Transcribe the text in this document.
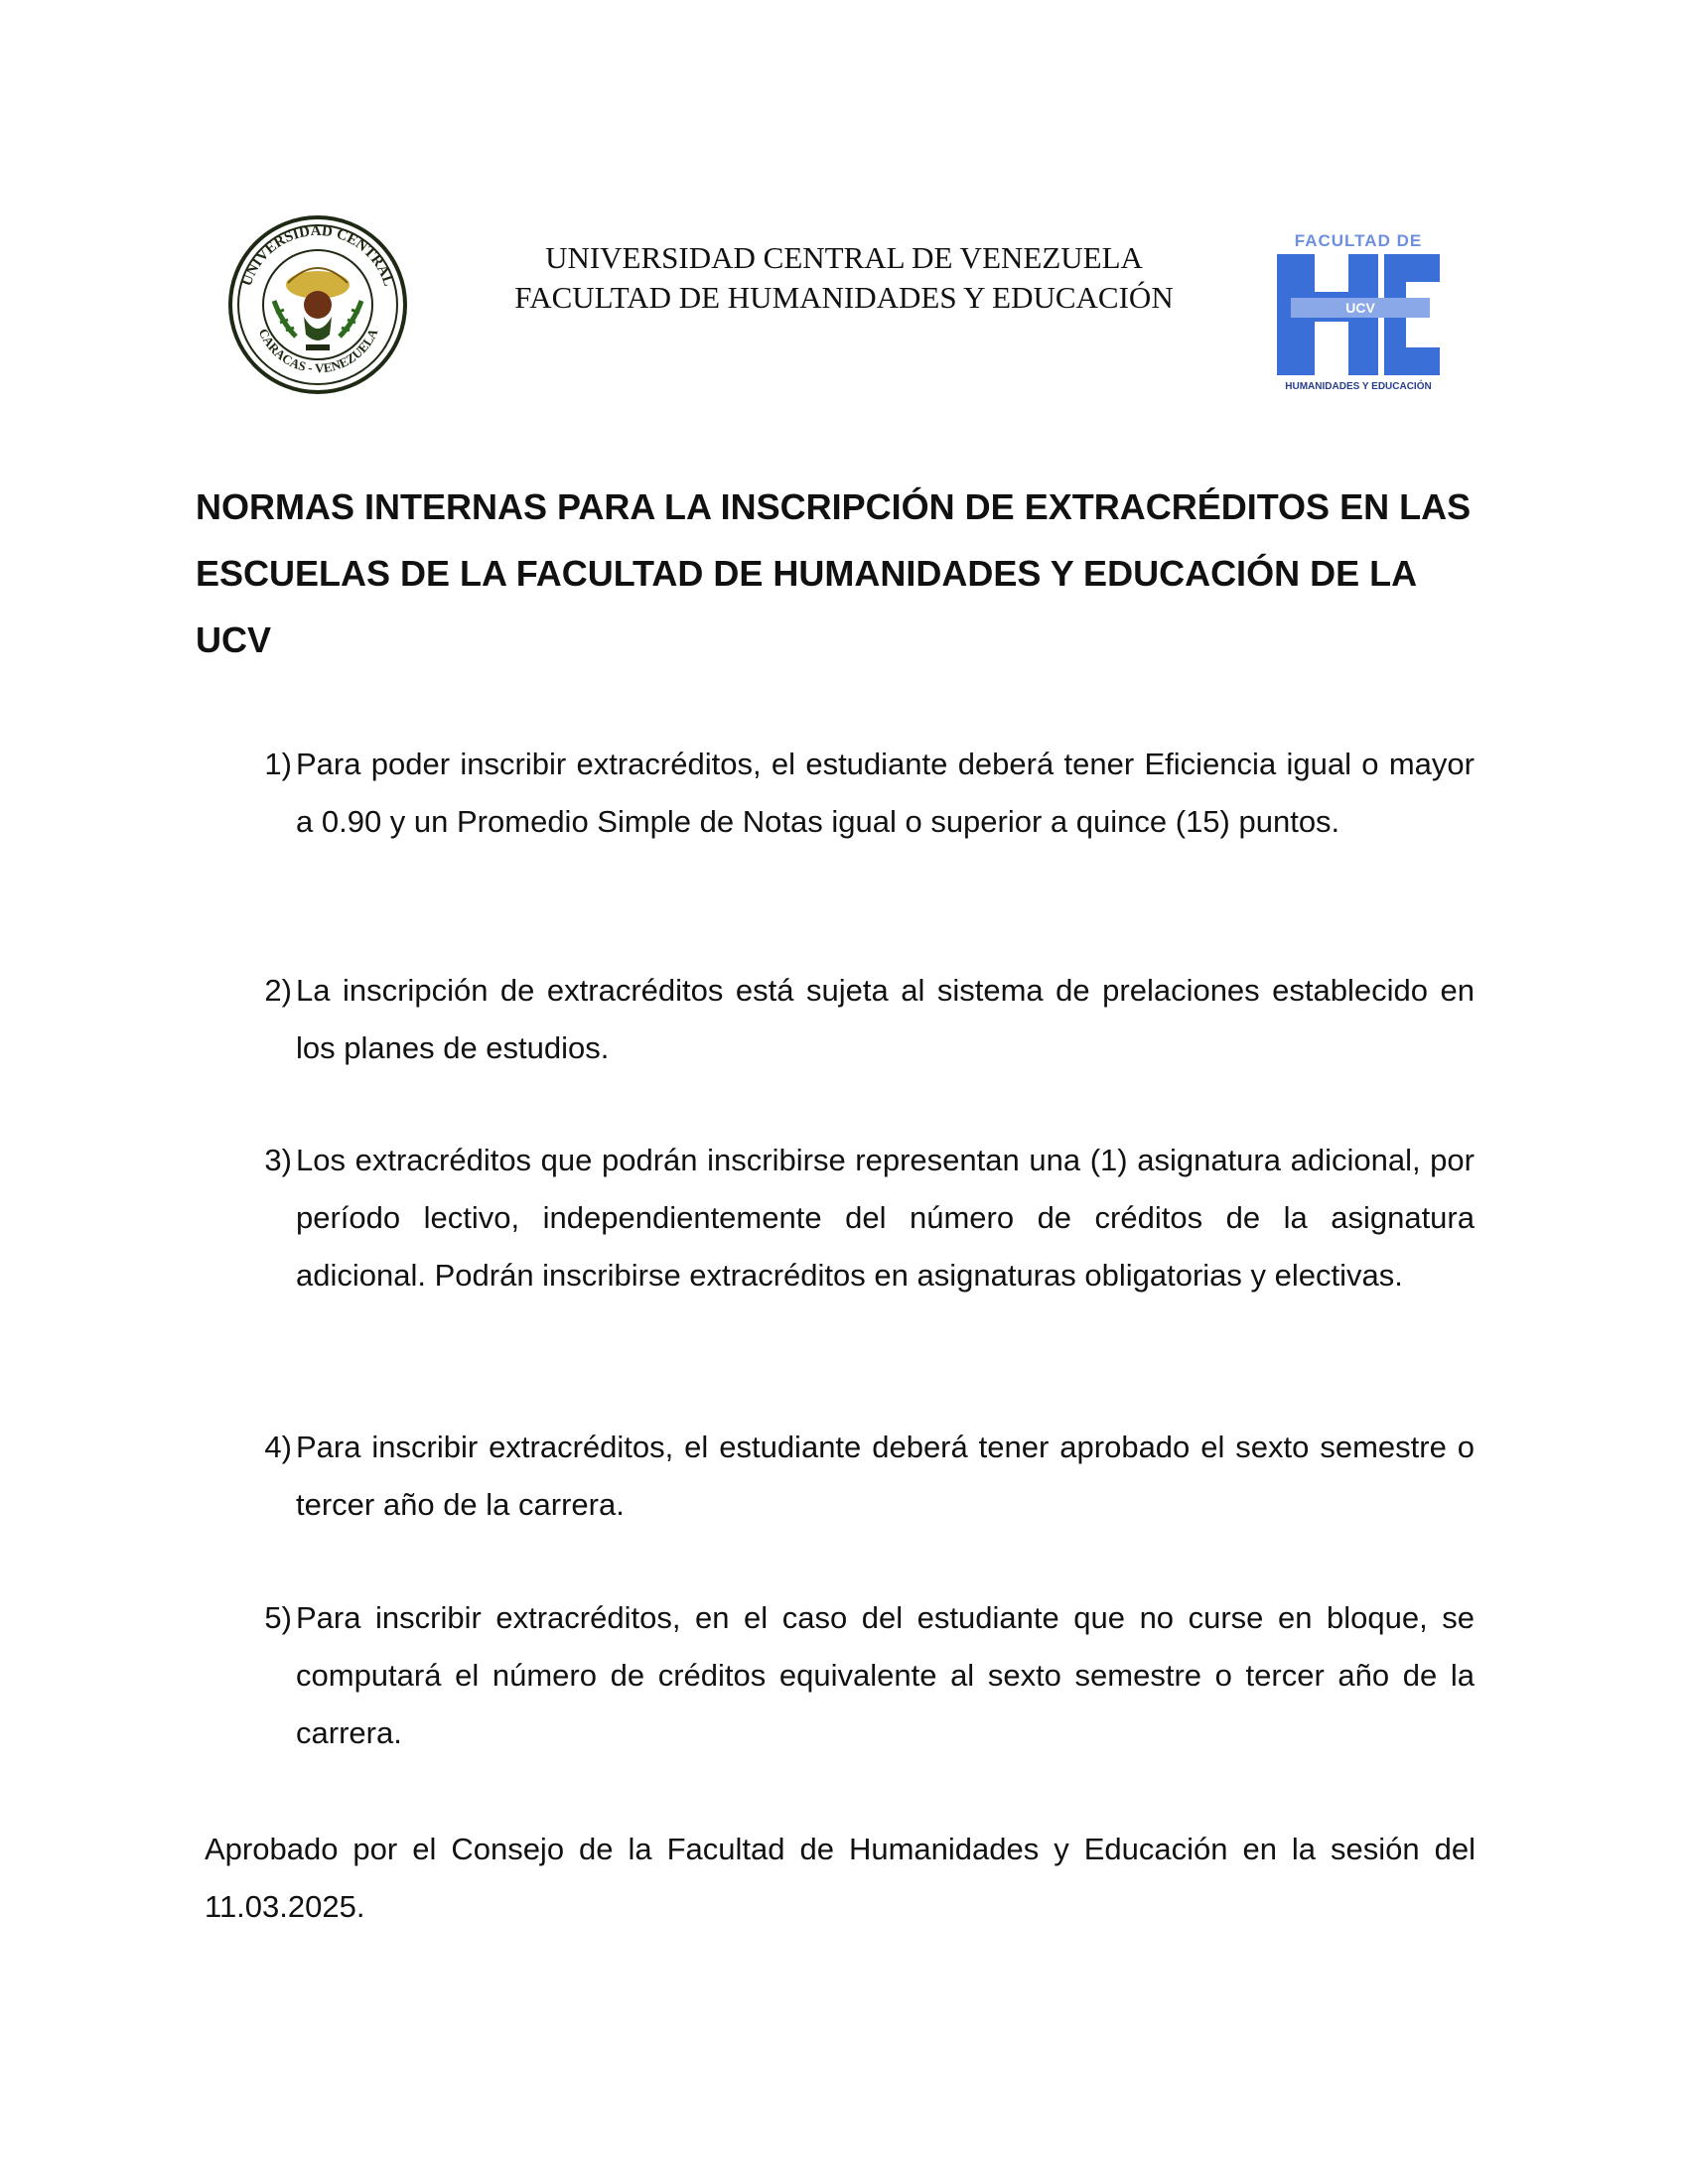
UNIVERSIDAD CENTRAL
CARACAS - VENEZUELA
UNIVERSIDAD CENTRAL DE VENEZUELA
FACULTAD DE HUMANIDADES Y EDUCACIÓN
FACULTAD DE
UCV
HUMANIDADES Y EDUCACIÓN
NORMAS INTERNAS PARA LA INSCRIPCIÓN DE EXTRACRÉDITOS EN LAS ESCUELAS DE LA FACULTAD DE HUMANIDADES Y EDUCACIÓN DE LA UCV
1) Para poder inscribir extracréditos, el estudiante deberá tener Eficiencia igual o mayor a 0.90 y un Promedio Simple de Notas igual o superior a quince (15) puntos.
2) La inscripción de extracréditos está sujeta al sistema de prelaciones establecido en los planes de estudios.
3) Los extracréditos que podrán inscribirse representan una (1) asignatura adicional, por período lectivo, independientemente del número de créditos de la asignatura adicional. Podrán inscribirse extracréditos en asignaturas obligatorias y electivas.
4) Para inscribir extracréditos, el estudiante deberá tener aprobado el sexto semestre o tercer año de la carrera.
5) Para inscribir extracréditos, en el caso del estudiante que no curse en bloque, se computará el número de créditos equivalente al sexto semestre o tercer año de la carrera.

Aprobado por el Consejo de la Facultad de Humanidades y Educación en la sesión del 11.03.2025.
